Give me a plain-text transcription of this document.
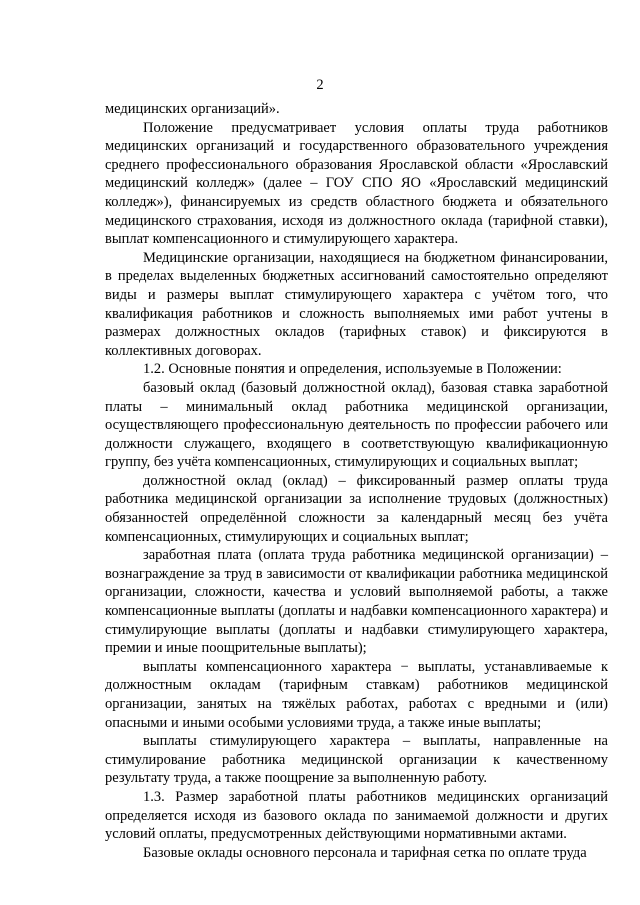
2

медицинских организаций».

Положение предусматривает условия оплаты труда работников медицинских организаций и государственного образовательного учреждения среднего профессионального образования Ярославской области «Ярославский медицинский колледж» (далее – ГОУ СПО ЯО «Ярославский медицинский колледж»), финансируемых из средств областного бюджета и обязательного медицинского страхования, исходя из должностного оклада (тарифной ставки), выплат компенсационного и стимулирующего характера.

Медицинские организации, находящиеся на бюджетном финансировании, в пределах выделенных бюджетных ассигнований самостоятельно определяют виды и размеры выплат стимулирующего характера с учётом того, что квалификация работников и сложность выполняемых ими работ учтены в размерах должностных окладов (тарифных ставок) и фиксируются в коллективных договорах.

1.2. Основные понятия и определения, используемые в Положении:

базовый оклад (базовый должностной оклад), базовая ставка заработной платы – минимальный оклад работника медицинской организации, осуществляющего профессиональную деятельность по профессии рабочего или должности служащего, входящего в соответствующую квалификационную группу, без учёта компенсационных, стимулирующих и социальных выплат;

должностной оклад (оклад) – фиксированный размер оплаты труда работника медицинской организации за исполнение трудовых (должностных) обязанностей определённой сложности за календарный месяц без учёта компенсационных, стимулирующих и социальных выплат;

заработная плата (оплата труда работника медицинской организации) – вознаграждение за труд в зависимости от квалификации работника медицинской организации, сложности, качества и условий выполняемой работы, а также компенсационные выплаты (доплаты и надбавки компенсационного характера) и стимулирующие выплаты (доплаты и надбавки стимулирующего характера, премии и иные поощрительные выплаты);

выплаты компенсационного характера − выплаты, устанавливаемые к должностным окладам (тарифным ставкам) работников медицинской организации, занятых на тяжёлых работах, работах с вредными и (или) опасными и иными особыми условиями труда, а также иные выплаты;

выплаты стимулирующего характера – выплаты, направленные на стимулирование работника медицинской организации к качественному результату труда, а также поощрение за выполненную работу.

1.3. Размер заработной платы работников медицинских организаций определяется исходя из базового оклада по занимаемой должности и других условий оплаты, предусмотренных действующими нормативными актами.

Базовые оклады основного персонала и тарифная сетка по оплате труда
